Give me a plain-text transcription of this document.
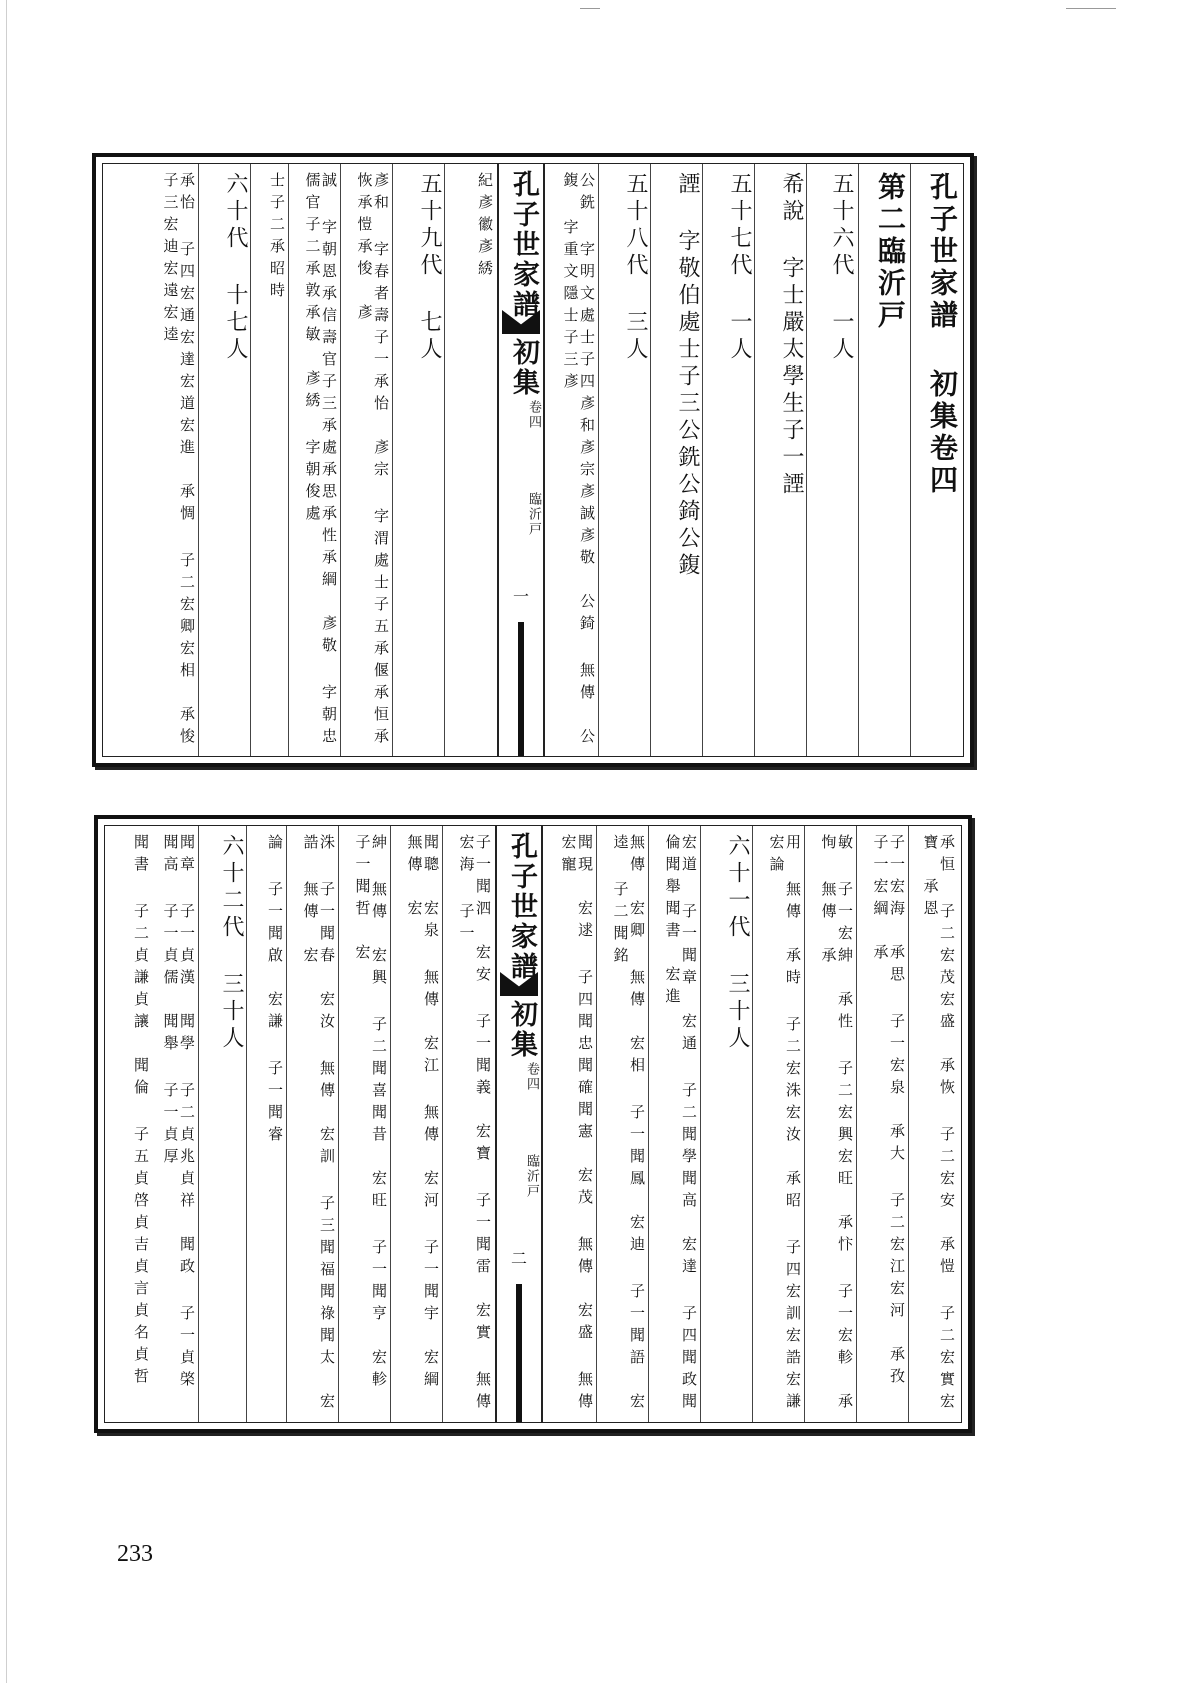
孔子世家譜 初集卷四
第二臨沂戸
五十六代 一人
希說 字士嚴太學生子一諲
五十七代 一人
諲 字敬伯處士子三公銑公錡公鍑
五十八代 三人
公銑 字明文處士子四彥和彥宗彥誠彥敬　公錡 無傳　公鍑 字重文隱士子三彥
孔子世家譜
初集
卷四
臨沂戸
一
紀彥徽彥綉
五十九代 七人
彥和 字春者壽子一承怡　彥宗 字渭處士子五承偃承恒承恢承愷承悛　彥
誠 字朝恩承信壽官子三承處承思承性承綱　彥敬 字朝忠儒官子二承敦承敏　彥綉 字朝俊處
士子二承昭時
六十代 十七人
承怡 子四宏通宏達宏道宏進　承惆 子二宏卿宏相　承悛 子三宏迪宏遠宏逵
承恒 子二宏茂宏盛　承恢 子二宏安　承愷 子二宏實宏寶　承恩
子一宏海　承思 子一宏泉　承大 子二宏江宏河　承孜 子一宏綱　承
敏 子一宏紳　承性 子二宏興宏旺　承忭 子一宏軫　承恂 無傳　承
用 無傳　承時 子二宏洙宏汝　承昭 子四宏訓宏誥宏謙宏論
六十一代 三十人
宏道 子一聞章　宏通 子二聞學聞高　宏達 子四聞政聞倫聞舉聞書　宏進
無傳　宏卿 無傳　宏相 子一聞鳳　宏迪 子一聞語　宏逵 子二聞銘
聞現　宏逑 子四聞忠聞確聞憲　宏茂 無傳　宏盛 無傳　宏寵
孔子世家譜
初集
卷四
臨沂戸
二
子一聞泗　宏安 子一聞義　宏寶 子一聞雷　宏實 無傳　宏海 子一
聞聰　宏泉 無傳　宏江 無傳　宏河 子一聞宇　宏綱 無傳　宏
紳 無傳　宏興 子二聞喜聞昔　宏旺 子一聞亨　宏軫 子一聞哲　宏
洙 子一聞春　宏汝 無傳　宏訓 子三聞福聞祿聞太　宏誥 無傳　宏
論 子一聞啟　宏謙 子一聞睿
六十二代 三十人
聞章 子一貞漢　聞學 子二貞兆貞祥　聞政 子一貞棨　聞高 子一貞儒　聞舉 子一貞厚
聞書 子二貞謙貞讓　聞倫 子五貞啓貞吉貞言貞名貞哲
233
